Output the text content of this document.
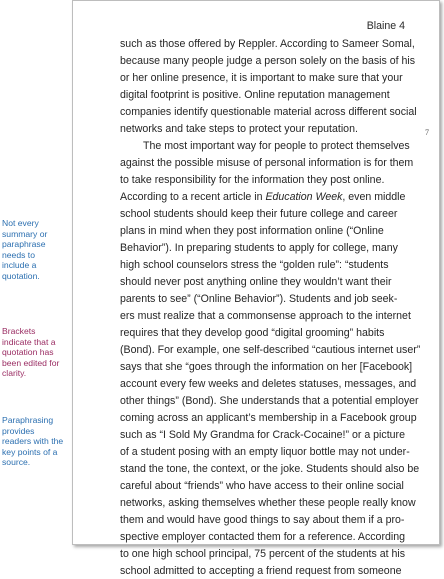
Blaine 4
such as those offered by Reppler. According to Sameer Somal,
because many people judge a person solely on the basis of his
or her online presence, it is important to make sure that your
digital footprint is positive. Online reputation management
companies identify questionable material across different social
networks and take steps to protect your reputation.
The most important way for people to protect themselves
against the possible misuse of personal information is for them
to take responsibility for the information they post online.
According to a recent article in Education Week, even middle
school students should keep their future college and career
plans in mind when they post information online (“Online
Behavior”). In preparing students to apply for college, many
high school counselors stress the “golden rule”: “students
should never post anything online they wouldn’t want their
parents to see” (“Online Behavior”). Students and job seek-
ers must realize that a commonsense approach to the internet
requires that they develop good “digital grooming” habits
(Bond). For example, one self-described “cautious internet user”
says that she “goes through the information on her [Facebook]
account every few weeks and deletes statuses, messages, and
other things” (Bond). She understands that a potential employer
coming across an applicant’s membership in a Facebook group
such as “I Sold My Grandma for Crack-Cocaine!” or a picture
of a student posing with an empty liquor bottle may not under-
stand the tone, the context, or the joke. Students should also be
careful about “friends” who have access to their online social
networks, asking themselves whether these people really know
them and would have good things to say about them if a pro-
spective employer contacted them for a reference. According
to one high school principal, 75 percent of the students at his
school admitted to accepting a friend request from someone
7
Not every
summary or
paraphrase
needs to
include a
quotation.
Brackets
indicate that a
quotation has
been edited for
clarity.
Paraphrasing
provides
readers with the
key points of a
source.
